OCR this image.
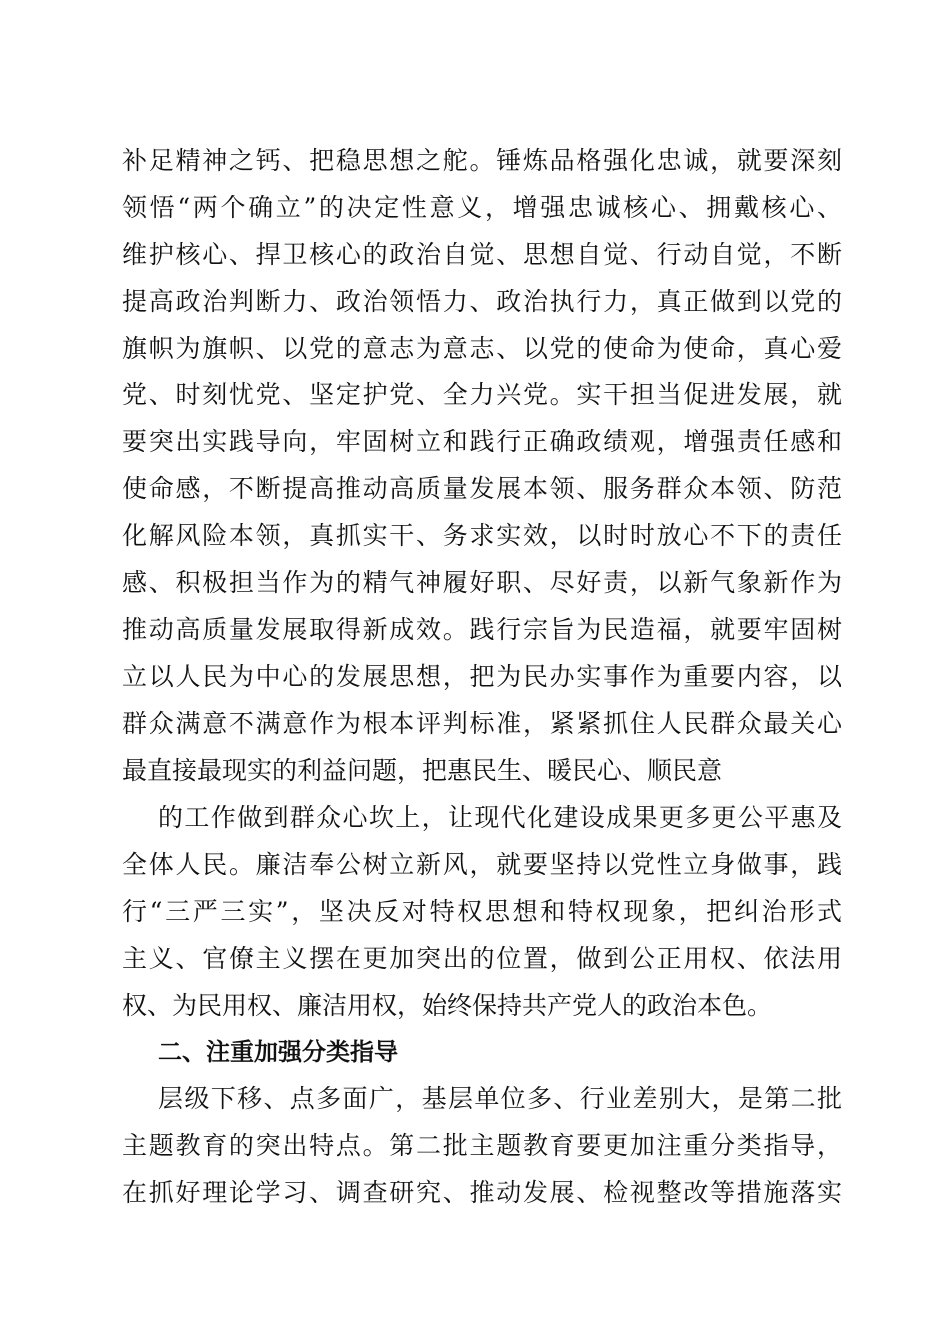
补足精神之钙、把稳思想之舵。锤炼品格强化忠诚，就要深刻
领悟“两个确立”的决定性意义，增强忠诚核心、拥戴核心、
维护核心、捍卫核心的政治自觉、思想自觉、行动自觉，不断
提高政治判断力、政治领悟力、政治执行力，真正做到以党的
旗帜为旗帜、以党的意志为意志、以党的使命为使命，真心爱
党、时刻忧党、坚定护党、全力兴党。实干担当促进发展，就
要突出实践导向，牢固树立和践行正确政绩观，增强责任感和
使命感，不断提高推动高质量发展本领、服务群众本领、防范
化解风险本领，真抓实干、务求实效，以时时放心不下的责任
感、积极担当作为的精气神履好职、尽好责，以新气象新作为
推动高质量发展取得新成效。践行宗旨为民造福，就要牢固树
立以人民为中心的发展思想，把为民办实事作为重要内容，以
群众满意不满意作为根本评判标准，紧紧抓住人民群众最关心
最直接最现实的利益问题，把惠民生、暖民心、顺民意
的工作做到群众心坎上，让现代化建设成果更多更公平惠及
全体人民。廉洁奉公树立新风，就要坚持以党性立身做事，践
行“三严三实”，坚决反对特权思想和特权现象，把纠治形式
主义、官僚主义摆在更加突出的位置，做到公正用权、依法用
权、为民用权、廉洁用权，始终保持共产党人的政治本色。
二、注重加强分类指导
层级下移、点多面广，基层单位多、行业差别大，是第二批
主题教育的突出特点。第二批主题教育要更加注重分类指导，
在抓好理论学习、调查研究、推动发展、检视整改等措施落实
